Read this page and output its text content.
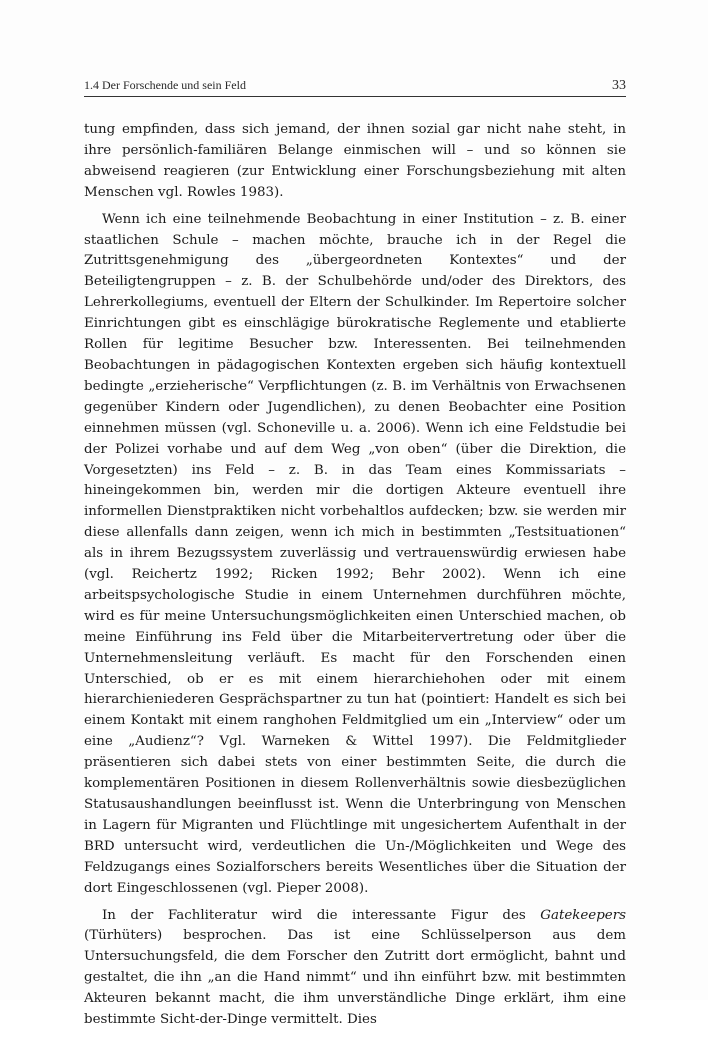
1.4 Der Forschende und sein Feld	33

tung empfinden, dass sich jemand, der ihnen sozial gar nicht nahe steht, in ihre persönlich-familiären Belange einmischen will – und so können sie abweisend reagieren (zur Entwicklung einer Forschungsbeziehung mit alten Menschen vgl. Rowles 1983).

Wenn ich eine teilnehmende Beobachtung in einer Institution – z. B. einer staatlichen Schule – machen möchte, brauche ich in der Regel die Zutrittsgenehmigung des „übergeordneten Kontextes“ und der Beteiligtengruppen – z. B. der Schulbehörde und/oder des Direktors, des Lehrerkollegiums, eventuell der Eltern der Schulkinder. Im Repertoire solcher Einrichtungen gibt es einschlägige bürokratische Reglemente und etablierte Rollen für legitime Besucher bzw. Interessenten. Bei teilnehmenden Beobachtungen in pädagogischen Kontexten ergeben sich häufig kontextuell bedingte „erzieherische“ Verpflichtungen (z. B. im Verhältnis von Erwachsenen gegenüber Kindern oder Jugendlichen), zu denen Beobachter eine Position einnehmen müssen (vgl. Schoneville u. a. 2006). Wenn ich eine Feldstudie bei der Polizei vorhabe und auf dem Weg „von oben“ (über die Direktion, die Vorgesetzten) ins Feld – z. B. in das Team eines Kommissariats – hineingekommen bin, werden mir die dortigen Akteure eventuell ihre informellen Dienstpraktiken nicht vorbehaltlos aufdecken; bzw. sie werden mir diese allenfalls dann zeigen, wenn ich mich in bestimmten „Testsituationen“ als in ihrem Bezugssystem zuverlässig und vertrauenswürdig erwiesen habe (vgl. Reichertz 1992; Ricken 1992; Behr 2002). Wenn ich eine arbeitspsychologische Studie in einem Unternehmen durchführen möchte, wird es für meine Untersuchungsmöglichkeiten einen Unterschied machen, ob meine Einführung ins Feld über die Mitarbeitervertretung oder über die Unternehmensleitung verläuft. Es macht für den Forschenden einen Unterschied, ob er es mit einem hierarchiehohen oder mit einem hierarchieniederen Gesprächspartner zu tun hat (pointiert: Handelt es sich bei einem Kontakt mit einem ranghohen Feldmitglied um ein „Interview“ oder um eine „Audienz“? Vgl. Warneken & Wittel 1997). Die Feldmitglieder präsentieren sich dabei stets von einer bestimmten Seite, die durch die komplementären Positionen in diesem Rollenverhältnis sowie diesbezüglichen Statusaushandlungen beeinflusst ist. Wenn die Unterbringung von Menschen in Lagern für Migranten und Flüchtlinge mit ungesichertem Aufenthalt in der BRD untersucht wird, verdeutlichen die Un-/Möglichkeiten und Wege des Feldzugangs eines Sozialforschers bereits Wesentliches über die Situation der dort Eingeschlossenen (vgl. Pieper 2008).

In der Fachliteratur wird die interessante Figur des Gatekeepers (Türhüters) besprochen. Das ist eine Schlüsselperson aus dem Untersuchungsfeld, die dem Forscher den Zutritt dort ermöglicht, bahnt und gestaltet, die ihn „an die Hand nimmt“ und ihn einführt bzw. mit bestimmten Akteuren bekannt macht, die ihm unverständliche Dinge erklärt, ihm eine bestimmte Sicht-der-Dinge vermittelt. Dies
